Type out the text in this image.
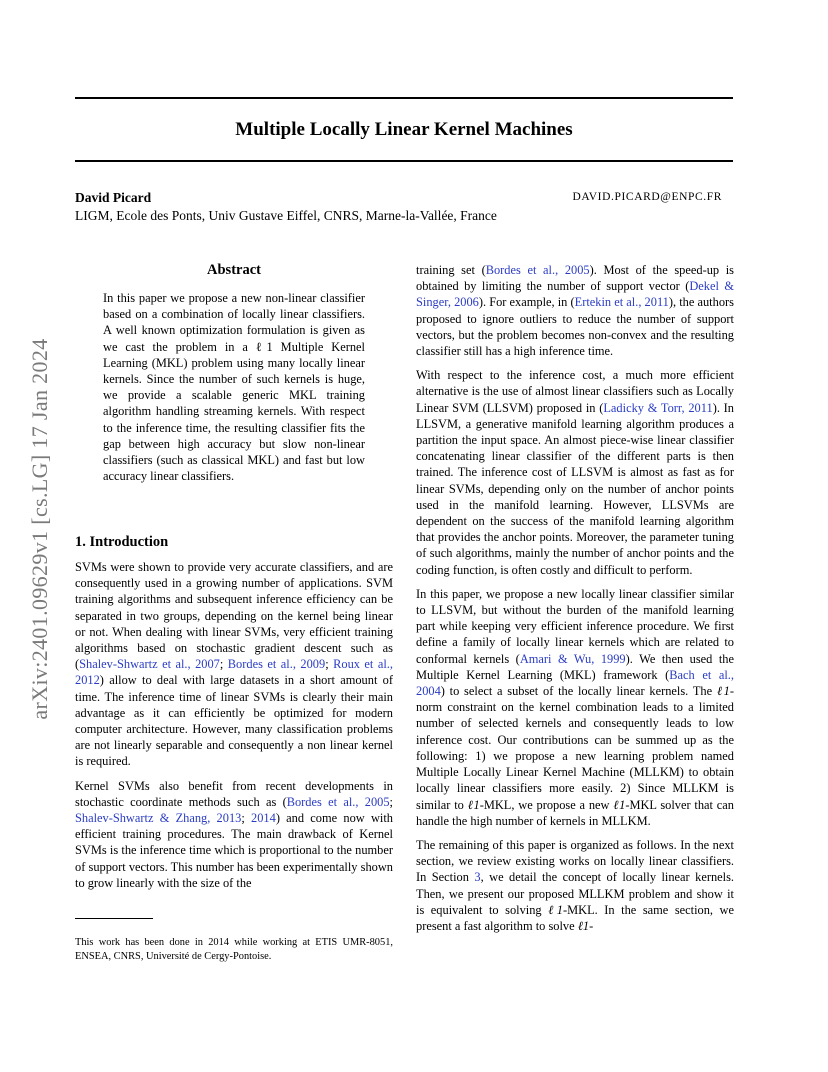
Multiple Locally Linear Kernel Machines
David Picard	DAVID.PICARD@ENPC.FR
LIGM, Ecole des Ponts, Univ Gustave Eiffel, CNRS, Marne-la-Vallée, France
arXiv:2401.09629v1 [cs.LG] 17 Jan 2024
Abstract
In this paper we propose a new non-linear classifier based on a combination of locally linear classifiers. A well known optimization formulation is given as we cast the problem in a ℓ1 Multiple Kernel Learning (MKL) problem using many locally linear kernels. Since the number of such kernels is huge, we provide a scalable generic MKL training algorithm handling streaming kernels. With respect to the inference time, the resulting classifier fits the gap between high accuracy but slow non-linear classifiers (such as classical MKL) and fast but low accuracy linear classifiers.
1. Introduction

SVMs were shown to provide very accurate classifiers, and are consequently used in a growing number of applications. SVM training algorithms and subsequent inference efficiency can be separated in two groups, depending on the kernel being linear or not. When dealing with linear SVMs, very efficient training algorithms based on stochastic gradient descent such as (Shalev-Shwartz et al., 2007; Bordes et al., 2009; Roux et al., 2012) allow to deal with large datasets in a short amount of time. The inference time of linear SVMs is clearly their main advantage as it can efficiently be optimized for modern computer architecture. However, many classification problems are not linearly separable and consequently a non linear kernel is required.

Kernel SVMs also benefit from recent developments in stochastic coordinate methods such as (Bordes et al., 2005; Shalev-Shwartz & Zhang, 2013; 2014) and come now with efficient training procedures. The main drawback of Kernel SVMs is the inference time which is proportional to the number of support vectors. This number has been experimentally shown to grow linearly with the size of the

training set (Bordes et al., 2005). Most of the speed-up is obtained by limiting the number of support vector (Dekel & Singer, 2006). For example, in (Ertekin et al., 2011), the authors proposed to ignore outliers to reduce the number of support vectors, but the problem becomes non-convex and the resulting classifier still has a high inference time.

With respect to the inference cost, a much more efficient alternative is the use of almost linear classifiers such as Locally Linear SVM (LLSVM) proposed in (Ladicky & Torr, 2011). In LLSVM, a generative manifold learning algorithm produces a partition the input space. An almost piece-wise linear classifier concatenating linear classifier of the different parts is then trained. The inference cost of LLSVM is almost as fast as for linear SVMs, depending only on the number of anchor points used in the manifold learning. However, LLSVMs are dependent on the success of the manifold learning algorithm that provides the anchor points. Moreover, the parameter tuning of such algorithms, mainly the number of anchor points and the coding function, is often costly and difficult to perform.

In this paper, we propose a new locally linear classifier similar to LLSVM, but without the burden of the manifold learning part while keeping very efficient inference procedure. We first define a family of locally linear kernels which are related to conformal kernels (Amari & Wu, 1999). We then used the Multiple Kernel Learning (MKL) framework (Bach et al., 2004) to select a subset of the locally linear kernels. The ℓ1-norm constraint on the kernel combination leads to a limited number of selected kernels and consequently leads to low inference cost. Our contributions can be summed up as the following: 1) we propose a new learning problem named Multiple Locally Linear Kernel Machine (MLLKM) to obtain locally linear classifiers more easily. 2) Since MLLKM is similar to ℓ1-MKL, we propose a new ℓ1-MKL solver that can handle the high number of kernels in MLLKM.

The remaining of this paper is organized as follows. In the next section, we review existing works on locally linear classifiers. In Section 3, we detail the concept of locally linear kernels. Then, we present our proposed MLLKM problem and show it is equivalent to solving ℓ1-MKL. In the same section, we present a fast algorithm to solve ℓ1-

This work has been done in 2014 while working at ETIS UMR-8051, ENSEA, CNRS, Université de Cergy-Pontoise.
